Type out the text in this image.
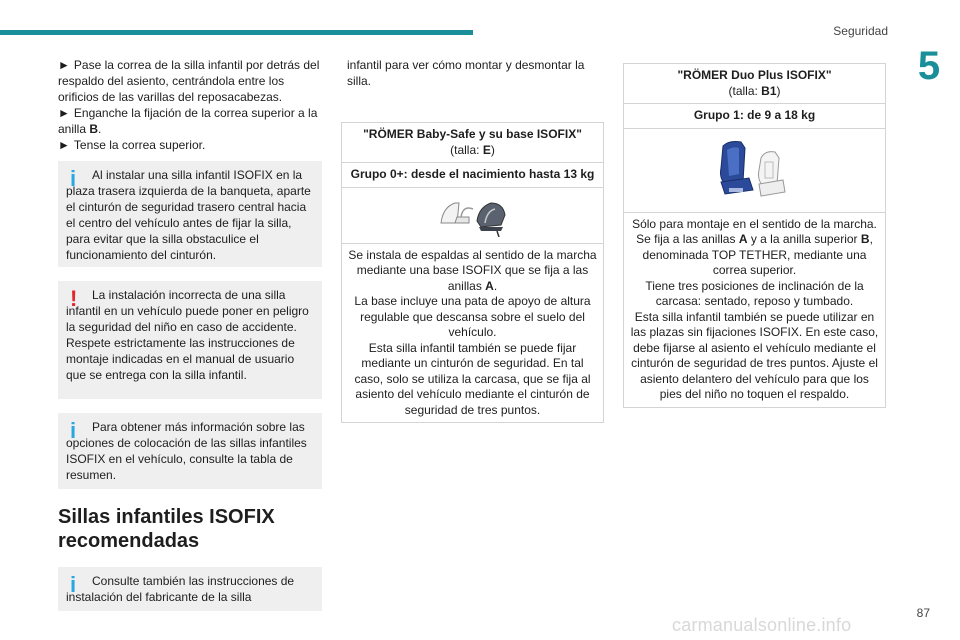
Seguridad
5

► Pase la correa de la silla infantil por detrás del respaldo del asiento, centrándola entre los orificios de las varillas del reposacabezas.

► Enganche la fijación de la correa superior a la anilla B.

► Tense la correa superior.

i	Al instalar una silla infantil ISOFIX en la plaza trasera izquierda de la banqueta, aparte el cinturón de seguridad trasero central hacia el centro del vehículo antes de fijar la silla, para evitar que la silla obstaculice el funcionamiento del cinturón.
!	La instalación incorrecta de una silla infantil en un vehículo puede poner en peligro la seguridad del niño en caso de accidente.
Respete estrictamente las instrucciones de montaje indicadas en el manual de usuario que se entrega con la silla infantil.
i	Para obtener más información sobre las opciones de colocación de las sillas infantiles ISOFIX en el vehículo, consulte la tabla de resumen.
Sillas infantiles ISOFIX recomendadas
i	Consulte también las instrucciones de instalación del fabricante de la silla
infantil para ver cómo montar y desmontar la silla.
"RÖMER Baby-Safe y su base ISOFIX"
(talla: E)
Grupo 0+: desde el nacimiento hasta 13 kg

Se instala de espaldas al sentido de la marcha mediante una base ISOFIX que se fija a las anillas A.

La base incluye una pata de apoyo de altura regulable que descansa sobre el suelo del vehículo.

Esta silla infantil también se puede fijar mediante un cinturón de seguridad. En tal caso, solo se utiliza la carcasa, que se fija al asiento del vehículo mediante el cinturón de seguridad de tres puntos.

"RÖMER Duo Plus ISOFIX"
(talla: B1)
Grupo 1: de 9 a 18 kg

Sólo para montaje en el sentido de la marcha.

Se fija a las anillas A y a la anilla superior B, denominada TOP TETHER, mediante una correa superior.

Tiene tres posiciones de inclinación de la carcasa: sentado, reposo y tumbado.

Esta silla infantil también se puede utilizar en las plazas sin fijaciones ISOFIX. En este caso, debe fijarse al asiento el vehículo mediante el cinturón de seguridad de tres puntos. Ajuste el asiento delantero del vehículo para que los pies del niño no toquen el respaldo.

87
carmanualsonline.info
